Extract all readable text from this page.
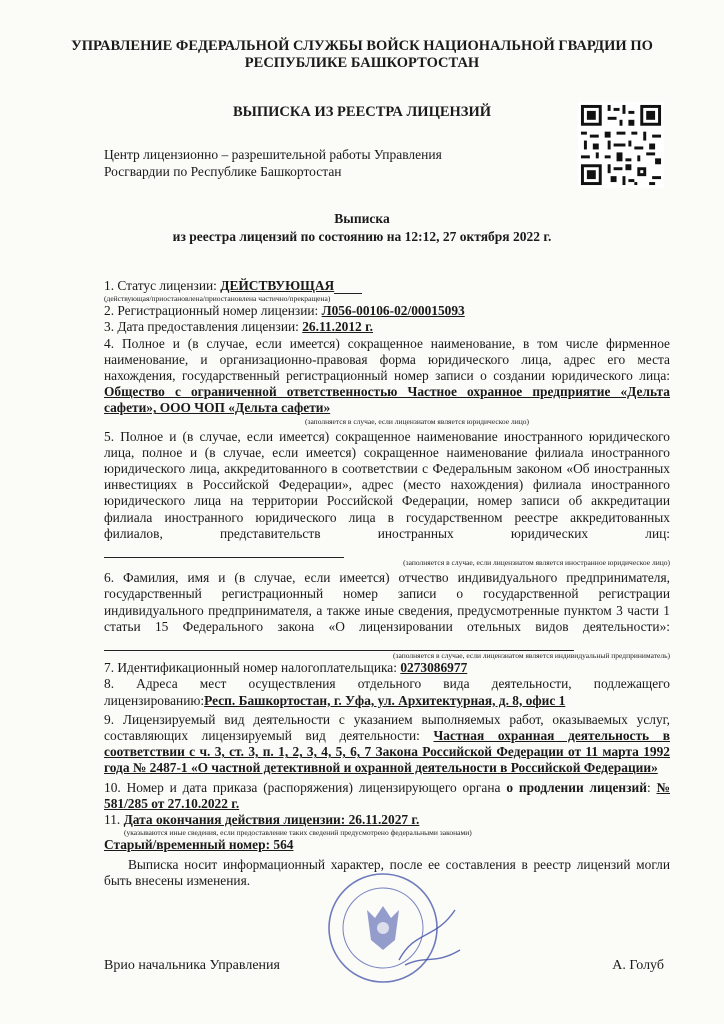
УПРАВЛЕНИЕ ФЕДЕРАЛЬНОЙ СЛУЖБЫ ВОЙСК НАЦИОНАЛЬНОЙ ГВАРДИИ ПО РЕСПУБЛИКЕ БАШКОРТОСТАН
ВЫПИСКА ИЗ РЕЕСТРА ЛИЦЕНЗИЙ
Центр лицензионно – разрешительной работы Управления
Росгвардии по Республике Башкортостан
Выписка
из реестра лицензий по состоянию на 12:12, 27 октября 2022 г.

1. Статус лицензии: ДЕЙСТВУЮЩАЯ

(действующая/приостановлена/приостановлена частично/прекращена)

2. Регистрационный номер лицензии: Л056-00106-02/00015093

3. Дата предоставления лицензии: 26.11.2012 г.

4. Полное и (в случае, если имеется) сокращенное наименование, в том числе фирменное наименование, и организационно-правовая форма юридического лица, адрес его места нахождения, государственный регистрационный номер записи о создании юридического лица: Общество с ограниченной ответственностью Частное охранное предприятие «Дельта сафети», ООО ЧОП «Дельта сафети»

(заполняется в случае, если лицензиатом является юридическое лицо)

5. Полное и (в случае, если имеется) сокращенное наименование иностранного юридического лица, полное и (в случае, если имеется) сокращенное наименование филиала иностранного юридического лица, аккредитованного в соответствии с Федеральным законом «Об иностранных инвестициях в Российской Федерации», адрес (место нахождения) филиала иностранного юридического лица на территории Российской Федерации, номер записи об аккредитации филиала иностранного юридического лица в государственном реестре аккредитованных филиалов, представительств иностранных юридических лиц:

(заполняется в случае, если лицензиатом является иностранное юридическое лицо)

6. Фамилия, имя и (в случае, если имеется) отчество индивидуального предпринимателя, государственный регистрационный номер записи о государственной регистрации индивидуального предпринимателя, а также иные сведения, предусмотренные пунктом 3 части 1 статьи 15 Федерального закона «О лицензировании отельных видов деятельности»:

(заполняется в случае, если лицензиатом является индивидуальный предприниматель)

7. Идентификационный номер налогоплательщика: 0273086977

8. Адреса мест осуществления отдельного вида деятельности, подлежащего лицензированию:Респ. Башкортостан, г. Уфа, ул. Архитектурная, д. 8, офис 1

9. Лицензируемый вид деятельности с указанием выполняемых работ, оказываемых услуг, составляющих лицензируемый вид деятельности: Частная охранная деятельность в соответствии с ч. 3, ст. 3, п. 1, 2, 3, 4, 5, 6, 7 Закона Российской Федерации от 11 марта 1992 года № 2487-1 «О частной детективной и охранной деятельности в Российской Федерации»

10. Номер и дата приказа (распоряжения) лицензирующего органа о продлении лицензий: № 581/285 от 27.10.2022 г.

11. Дата окончания действия лицензии: 26.11.2027 г.

(указываются иные сведения, если предоставление таких сведений предусмотрено федеральными законами)

Старый/временный номер: 564

Выписка носит информационный характер, после ее составления в реестр лицензий могли быть внесены изменения.

Врио начальника Управления	А. Голуб
